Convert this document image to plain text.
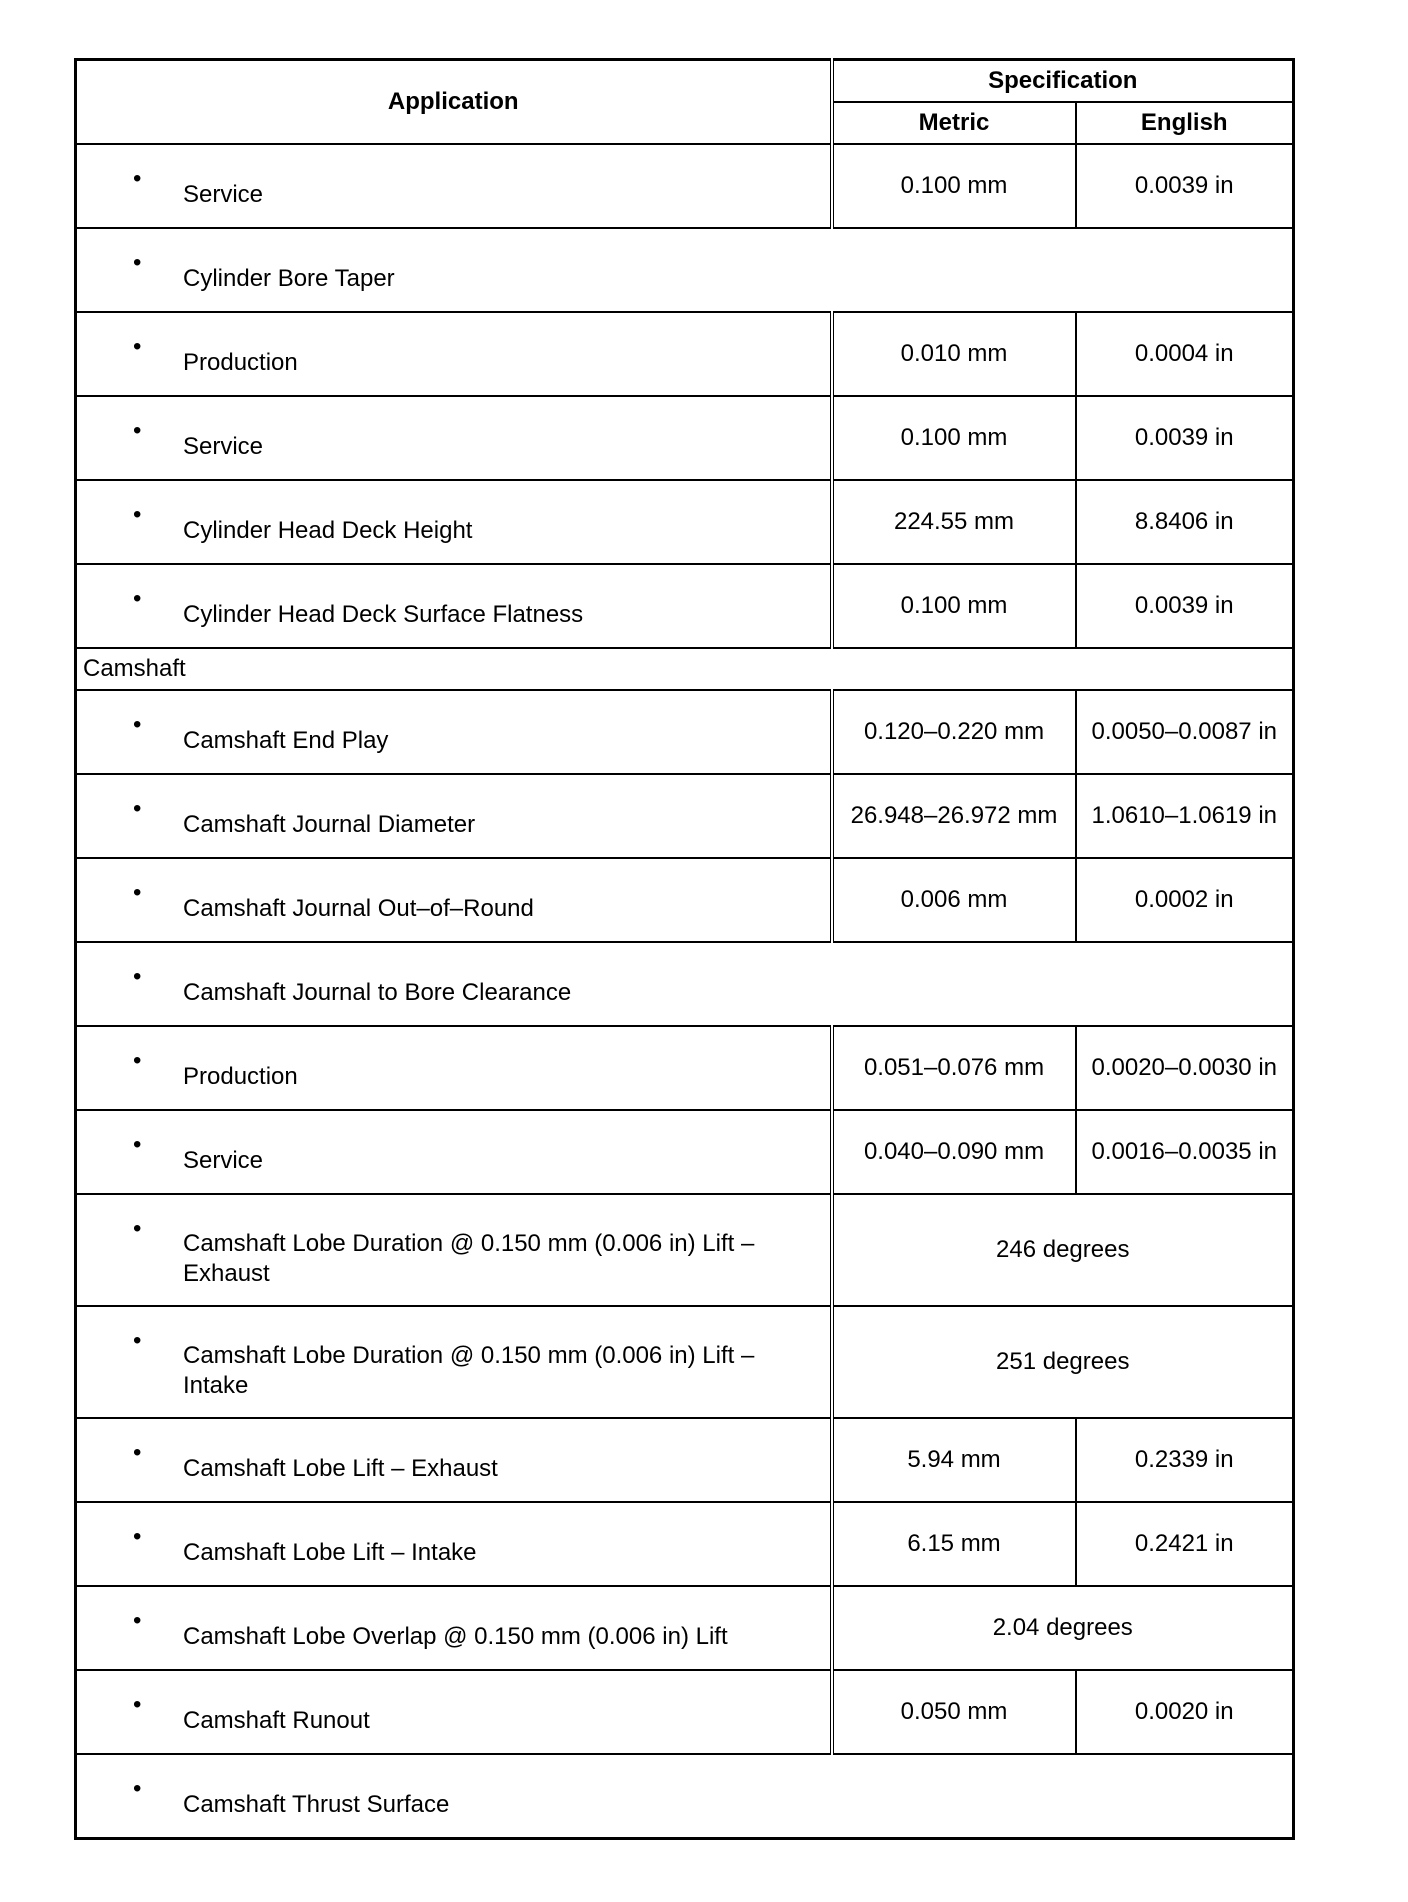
Application	Specification	
	Metric	English

•
Service	0.100 mm	0.0039 in

•
Cylinder Bore Taper		

•
Production	0.010 mm	0.0004 in

•
Service	0.100 mm	0.0039 in

•
Cylinder Head Deck Height	224.55 mm	8.8406 in

•
Cylinder Head Deck Surface Flatness	0.100 mm	0.0039 in
Camshaft		

•
Camshaft End Play	0.120–0.220 mm	0.0050–0.0087 in

•
Camshaft Journal Diameter	26.948–26.972 mm	1.0610–1.0619 in

•
Camshaft Journal Out–of–Round	0.006 mm	0.0002 in

•
Camshaft Journal to Bore Clearance		

•
Production	0.051–0.076 mm	0.0020–0.0030 in

•
Service	0.040–0.090 mm	0.0016–0.0035 in

•
Camshaft Lobe Duration @ 0.150 mm (0.006 in) Lift – Exhaust	246 degrees	

•
Camshaft Lobe Duration @ 0.150 mm (0.006 in) Lift – Intake	251 degrees	

•
Camshaft Lobe Lift – Exhaust	5.94 mm	0.2339 in

•
Camshaft Lobe Lift – Intake	6.15 mm	0.2421 in

•
Camshaft Lobe Overlap @ 0.150 mm (0.006 in) Lift	2.04 degrees	

•
Camshaft Runout	0.050 mm	0.0020 in

•
Camshaft Thrust Surface		
